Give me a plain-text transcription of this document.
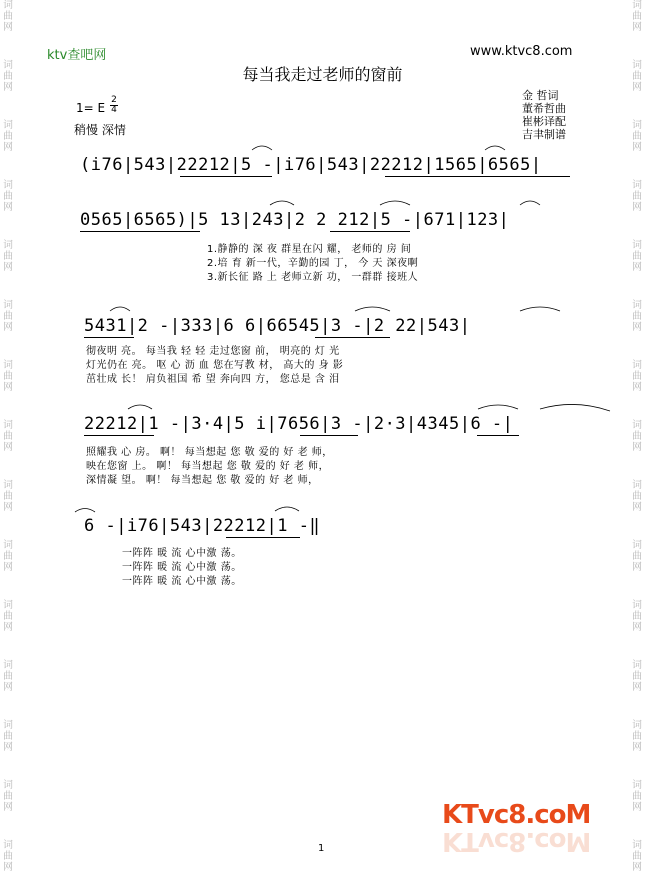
词
曲
网
词
曲
网
词
曲
网
词
曲
网
词
曲
网
词
曲
网
词
曲
网
词
曲
网
词
曲
网
词
曲
网
词
曲
网
词
曲
网
词
曲
网
词
曲
网
词
曲
网
词
曲
网
词
曲
网
词
曲
网
词
曲
网
词
曲
网
词
曲
网
词
曲
网
词
曲
网
词
曲
网
词
曲
网
词
曲
网
词
曲
网
词
曲
网
词
曲
网
词
曲
网
ktv查吧网	www.ktvc8.com
每当我走过老师的窗前
金 哲词
董希哲曲
崔彬译配
吉聿制谱
1= E
2
4
稍慢 深情
(i76|543|22212|5 -|i76|543|22212|1565|6565|
0565|6565)|5 13|243|2 2 212|5 -|671|123|
1.静静的 深 夜 群星在闪 耀， 老师的 房 间
2.培 育 新一代，辛勤的园 丁， 今 天 深夜啊
3.新长征 路 上 老师立新 功， 一群群 接班人
5431|2 -|333|6 6|66545|3 -|2 22|543|
彻夜明 亮。 每当我 轻 轻 走过您窗 前， 明亮的 灯 光
灯光仍在 亮。 呕 心 沥 血 您在写教 材， 高大的 身 影
茁壮成 长！ 肩负祖国 希 望 奔向四 方， 您总是 含 泪
22212|1 -|3·4|5 i|7656|3 -|2·3|4345|6 -|
照耀我 心 房。 啊！ 每当想起 您 敬 爱的 好 老 师，
映在您窗 上。 啊！ 每当想起 您 敬 爱的 好 老 师，
深情凝 望。 啊！ 每当想起 您 敬 爱的 好 老 师，
6 -|i76|543|22212|1 -‖
一阵阵 暖 流 心中激 荡。
一阵阵 暖 流 心中激 荡。
一阵阵 暖 流 心中激 荡。
KTvc8.coM
KTvc8.coM
1
